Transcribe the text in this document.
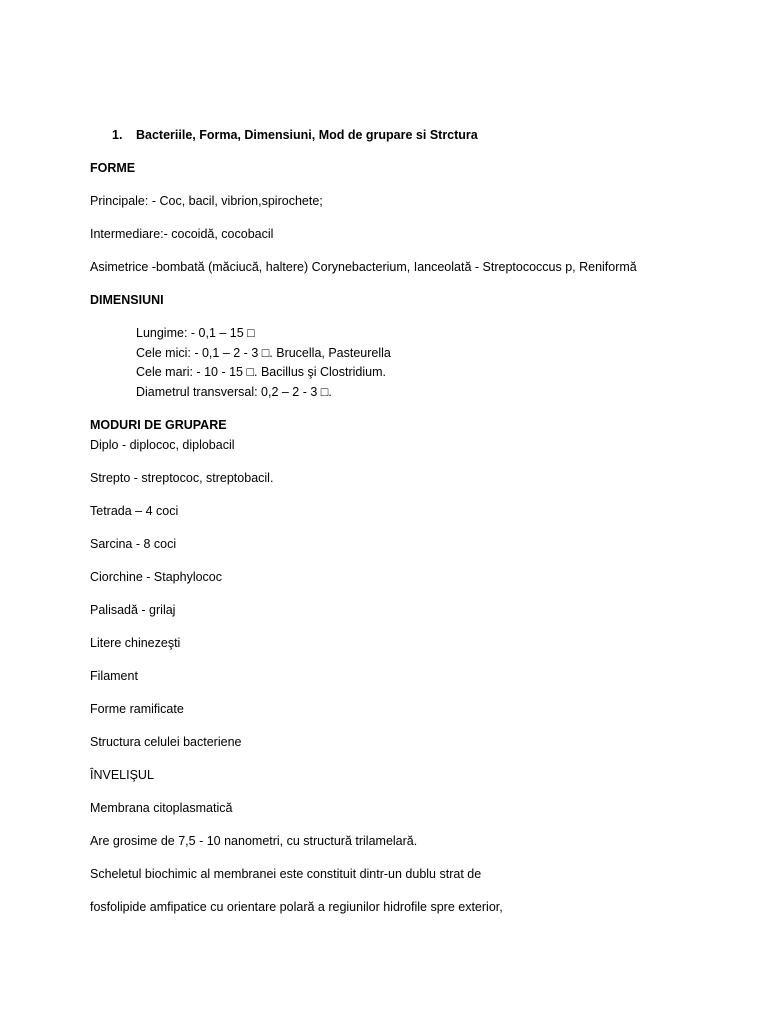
1. Bacteriile, Forma, Dimensiuni, Mod de grupare si Strctura
FORME
Principale: - Coc, bacil, vibrion,spirochete;
Intermediare:- cocoidă, cocobacil
Asimetrice -bombată (măciucă, haltere) Corynebacterium, Ianceolată - Streptococcus p, Reniformă
DIMENSIUNI
Lungime: - 0,1 – 15 □
Cele mici: - 0,1 – 2 - 3 □. Brucella, Pasteurella
Cele mari: - 10 - 15 □. Bacillus şi Clostridium.
Diametrul transversal: 0,2 – 2 - 3 □.
MODURI DE GRUPARE
Diplo - diplococ, diplobacil
Strepto - streptococ, streptobacil.
Tetrada – 4 coci
Sarcina - 8 coci
Ciorchine - Staphylococ
Palisadă - grilaj
Litere chinezeşti
Filament
Forme ramificate
Structura celulei bacteriene
ÎNVELIŞUL
Membrana citoplasmatică
Are grosime de 7,5 - 10 nanometri, cu structură trilamelară.
Scheletul biochimic al membranei este constituit dintr-un dublu strat de
fosfolipide amfipatice cu orientare polară a regiunilor hidrofile spre exterior,
